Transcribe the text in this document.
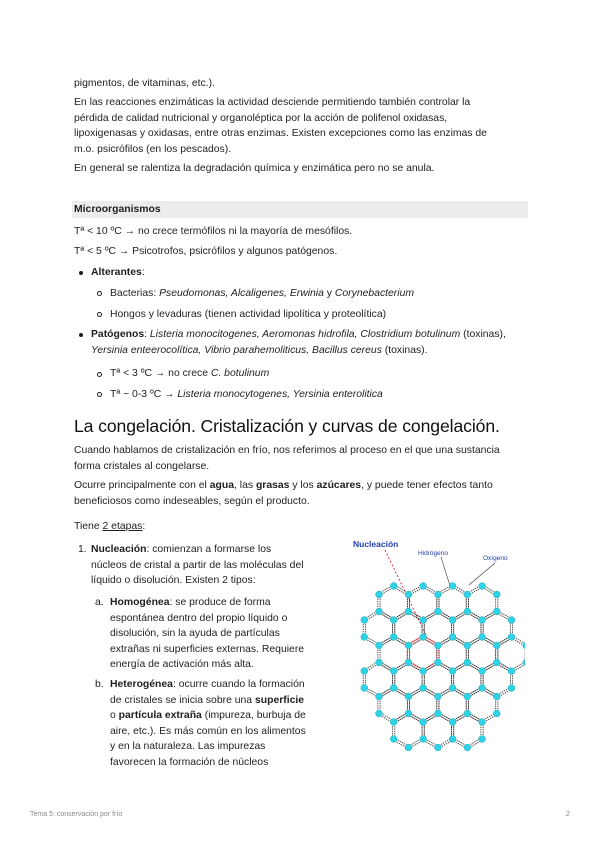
pigmentos, de vitaminas, etc.).
En las reacciones enzimáticas la actividad desciende permitiendo también controlar la
pérdida de calidad nutricional y organoléptica por la acción de polifenol oxidasas,
lipoxigenasas y oxidasas, entre otras enzimas. Existen excepciones como las enzimas de
m.o. psicrófilos (en los pescados).
En general se ralentiza la degradación química y enzimática pero no se anula.
Microorganismos
Tª < 10 ºC → no crece termófilos ni la mayoría de mesófilos.
Tª < 5 ºC → Psicotrofos, psicrófilos y algunos patógenos.
Alterantes:
Bacterias: Pseudomonas, Alcaligenes, Erwinia y Corynebacterium
Hongos y levaduras (tienen actividad lipolítica y proteolítica)
Patógenos: Listeria monocitogenes, Aeromonas hidrofila, Clostridium botulinum (toxinas),
Yersinia enteerocolítica, Vibrio parahemoliticus, Bacillus cereus (toxinas).
Tª < 3 ºC → no crece C. botulinum
Tª ~ 0-3 ºC → Listeria monocytogenes, Yersinia enterolitica
La congelación. Cristalización y curvas de congelación.
Cuando hablamos de cristalización en frío, nos referimos al proceso en el que una sustancia
forma cristales al congelarse.
Ocurre principalmente con el agua, las grasas y los azúcares, y puede tener efectos tanto
beneficiosos como indeseables, según el producto.
Tiene 2 etapas:
1. Nucleación: comienzan a formarse los
núcleos de cristal a partir de las moléculas del
líquido o disolución. Existen 2 tipos:
a. Homogénea: se produce de forma
espontánea dentro del propio líquido o
disolución, sin la ayuda de partículas
extrañas ni superficies externas. Requiere
energía de activación más alta.
b. Heterogénea: ocurre cuando la formación
de cristales se inicia sobre una superficie
o partícula extraña (impureza, burbuja de
aire, etc.). Es más común en los alimentos
y en la naturaleza. Las impurezas
favorecen la formación de núcleos
Nucleación
Hidrógeno
Oxígeno
Tema 5: conservación por frío	2
